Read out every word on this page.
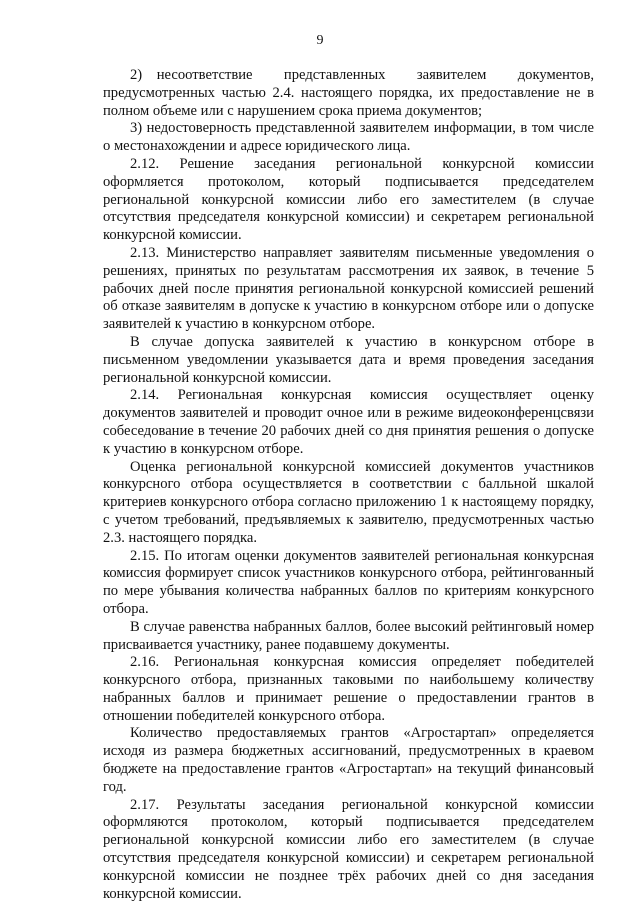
9

2) несоответствие представленных заявителем документов, предусмотренных частью 2.4. настоящего порядка, их предоставление не в полном объеме или с нарушением срока приема документов;

3) недостоверность представленной заявителем информации, в том числе о местонахождении и адресе юридического лица.

2.12. Решение заседания региональной конкурсной комиссии оформляется протоколом, который подписывается председателем региональной конкурсной комиссии либо его заместителем (в случае отсутствия председателя конкурсной комиссии) и секретарем региональной конкурсной комиссии.

2.13. Министерство направляет заявителям письменные уведомления о решениях, принятых по результатам рассмотрения их заявок, в течение 5 рабочих дней после принятия региональной конкурсной комиссией решений об отказе заявителям в допуске к участию в конкурсном отборе или о допуске заявителей к участию в конкурсном отборе.

В случае допуска заявителей к участию в конкурсном отборе в письменном уведомлении указывается дата и время проведения заседания региональной конкурсной комиссии.

2.14. Региональная конкурсная комиссия осуществляет оценку документов заявителей и проводит очное или в режиме видеоконференцсвязи собеседование в течение 20 рабочих дней со дня принятия решения о допуске к участию в конкурсном отборе.

Оценка региональной конкурсной комиссией документов участников конкурсного отбора осуществляется в соответствии с балльной шкалой критериев конкурсного отбора согласно приложению 1 к настоящему порядку, с учетом требований, предъявляемых к заявителю, предусмотренных частью 2.3. настоящего порядка.

2.15. По итогам оценки документов заявителей региональная конкурсная комиссия формирует список участников конкурсного отбора, рейтингованный по мере убывания количества набранных баллов по критериям конкурсного отбора.

В случае равенства набранных баллов, более высокий рейтинговый номер присваивается участнику, ранее подавшему документы.

2.16. Региональная конкурсная комиссия определяет победителей конкурсного отбора, признанных таковыми по наибольшему количеству набранных баллов и принимает решение о предоставлении грантов в отношении победителей конкурсного отбора.

Количество предоставляемых грантов «Агростартап» определяется исходя из размера бюджетных ассигнований, предусмотренных в краевом бюджете на предоставление грантов «Агростартап» на текущий финансовый год.

2.17. Результаты заседания региональной конкурсной комиссии оформляются протоколом, который подписывается председателем региональной конкурсной комиссии либо его заместителем (в случае отсутствия председателя конкурсной комиссии) и секретарем региональной конкурсной комиссии не позднее трёх рабочих дней со дня заседания конкурсной комиссии.
